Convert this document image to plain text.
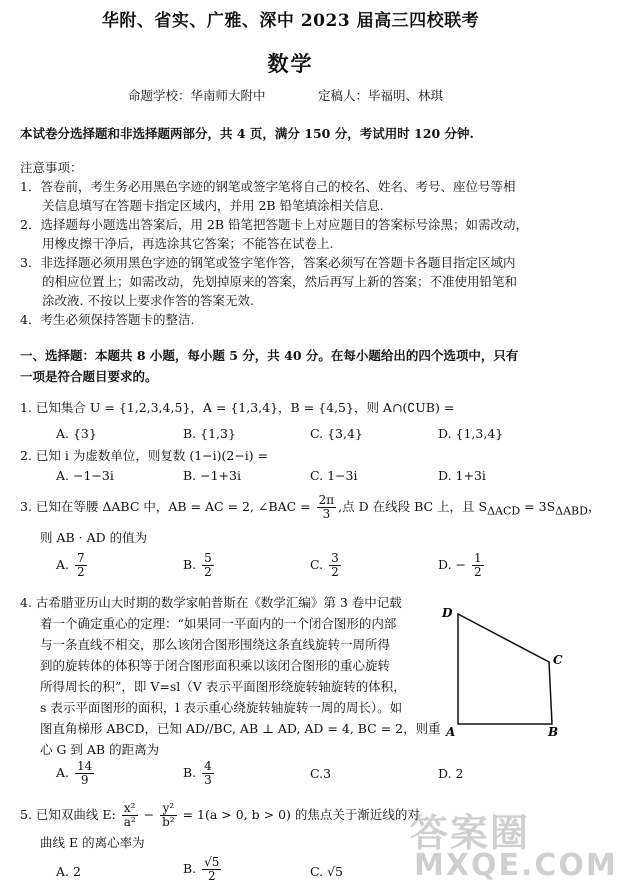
华附、省实、广雅、深中 2023 届高三四校联考
数学
命题学校：华南师大附中	定稿人：毕福明、林琪
本试卷分选择题和非选择题两部分，共 4 页，满分 150 分，考试用时 120 分钟.
注意事项：
1．答卷前，考生务必用黑色字迹的钢笔或签字笔将自己的校名、姓名、考号、座位号等相
关信息填写在答题卡指定区域内，并用 2B 铅笔填涂相关信息.
2．选择题每小题选出答案后，用 2B 铅笔把答题卡上对应题目的答案标号涂黑；如需改动，
用橡皮擦干净后，再选涂其它答案；不能答在试卷上.
3．非选择题必须用黑色字迹的钢笔或签字笔作答，答案必须写在答题卡各题目指定区域内
的相应位置上；如需改动，先划掉原来的答案，然后再写上新的答案；不准使用铅笔和
涂改液. 不按以上要求作答的答案无效.
4．考生必须保持答题卡的整洁.
一、选择题：本题共 8 小题，每小题 5 分，共 40 分。在每小题给出的四个选项中，只有
一项是符合题目要求的。
1. 已知集合 U = {1,2,3,4,5}，A = {1,3,4}，B = {4,5}，则 A∩(∁UB) =
A. {3}	B. {1,3}	C. {3,4}	D. {1,3,4}
2. 已知 i 为虚数单位，则复数 (1−i)(2−i) =
A. −1−3i	B. −1+3i	C. 1−3i	D. 1+3i
3. 已知在等腰 ΔABC 中，AB = AC = 2, ∠BAC = $\frac{2\pi}{3}$ ,点 D 在线段 BC 上，且 $S_{\Delta ACD} = 3S_{\Delta ABD}$，
则 AB · AD 的值为
A. $\frac{7}{2}$	B. $\frac{5}{2}$	C. $\frac{3}{2}$	D. − $\frac{1}{2}$
4. 古希腊亚历山大时期的数学家帕普斯在《数学汇编》第 3 卷中记载
着一个确定重心的定理：“如果同一平面内的一个闭合图形的内部
与一条直线不相交，那么该闭合图形围绕这条直线旋转一周所得
到的旋转体的体积等于闭合图形面积乘以该闭合图形的重心旋转
所得周长的积”，即 V=sl（V 表示平面图形绕旋转轴旋转的体积，
s 表示平面图形的面积，l 表示重心绕旋转轴旋转一周的周长）。如
图直角梯形 ABCD，已知 AD//BC, AB ⊥ AD, AD = 4, BC = 2，则重
心 G 到 AB 的距离为
A. $\frac{14}{9}$	B. $\frac{4}{3}$	C.3	D. 2
D
C
A	B
5. 已知双曲线 E: $\frac{\text{x²}}{\text{a²}} - \frac{\text{y²}}{\text{b²}} = 1(a > 0$, b > 0) 的焦点关于渐近线的对
曲线 E 的离心率为
A. 2	B. $\frac{√5}{2}$	C. √5
答案圈
MXQE.COM
